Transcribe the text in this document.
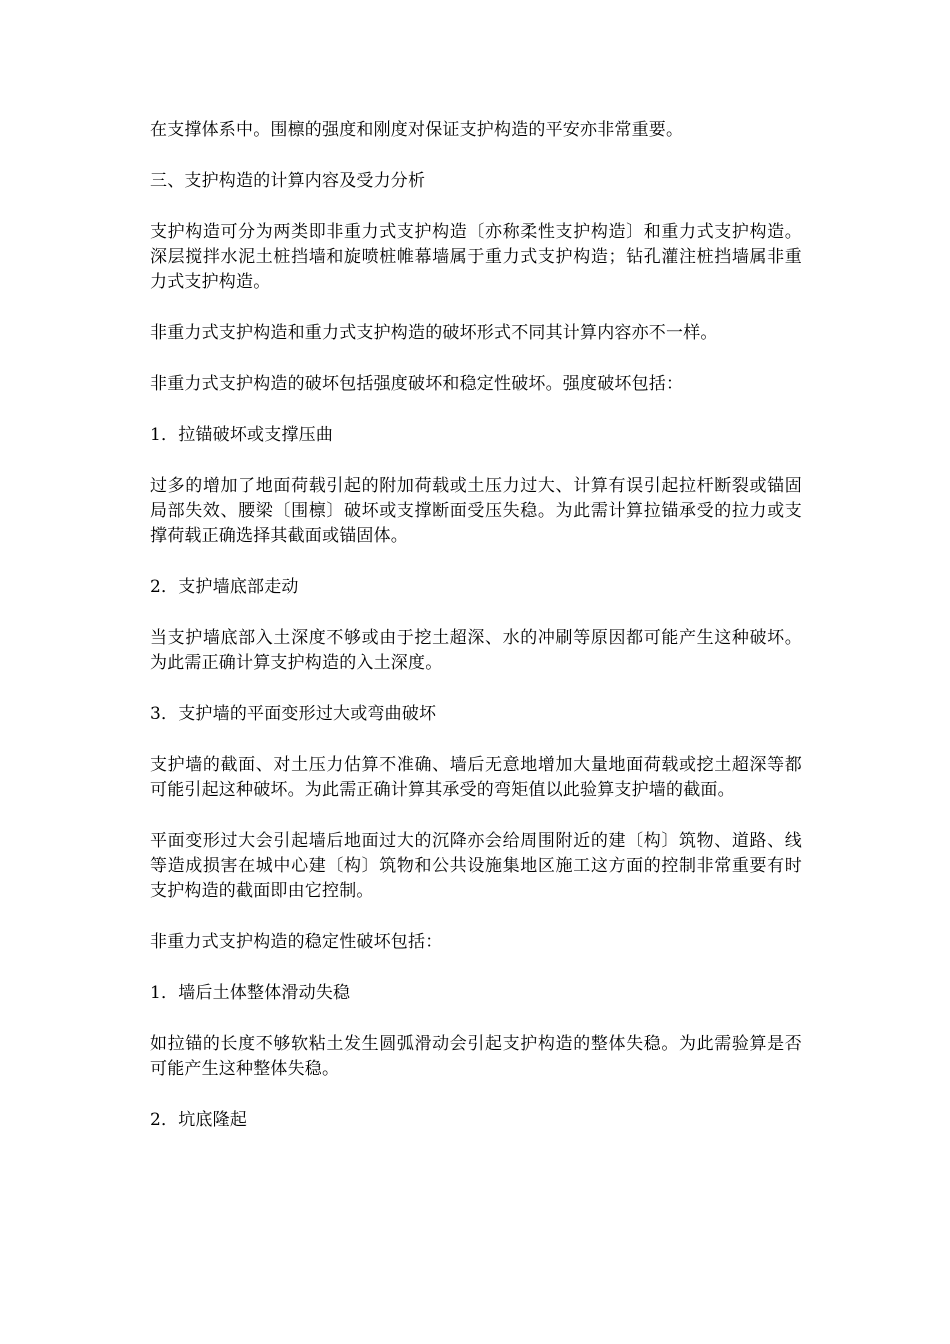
在支撑体系中。围檩的强度和刚度对保证支护构造的平安亦非常重要。

三、支护构造的计算内容及受力分析

支护构造可分为两类即非重力式支护构造〔亦称柔性支护构造〕和重力式支护构造。深层搅拌水泥土桩挡墙和旋喷桩帷幕墙属于重力式支护构造；钻孔灌注桩挡墙属非重力式支护构造。

非重力式支护构造和重力式支护构造的破坏形式不同其计算内容亦不一样。

非重力式支护构造的破坏包括强度破坏和稳定性破坏。强度破坏包括：

1．拉锚破坏或支撑压曲

过多的增加了地面荷载引起的附加荷载或土压力过大、计算有误引起拉杆断裂或锚固局部失效、腰梁〔围檩〕破坏或支撑断面受压失稳。为此需计算拉锚承受的拉力或支撑荷载正确选择其截面或锚固体。

2．支护墙底部走动

当支护墙底部入土深度不够或由于挖土超深、水的冲刷等原因都可能产生这种破坏。为此需正确计算支护构造的入土深度。

3．支护墙的平面变形过大或弯曲破坏

支护墙的截面、对土压力估算不准确、墙后无意地增加大量地面荷载或挖土超深等都可能引起这种破坏。为此需正确计算其承受的弯矩值以此验算支护墙的截面。

平面变形过大会引起墙后地面过大的沉降亦会给周围附近的建〔构〕筑物、道路、线等造成损害在城中心建〔构〕筑物和公共设施集地区施工这方面的控制非常重要有时支护构造的截面即由它控制。

非重力式支护构造的稳定性破坏包括：

1．墙后土体整体滑动失稳

如拉锚的长度不够软粘土发生圆弧滑动会引起支护构造的整体失稳。为此需验算是否可能产生这种整体失稳。

2．坑底隆起
